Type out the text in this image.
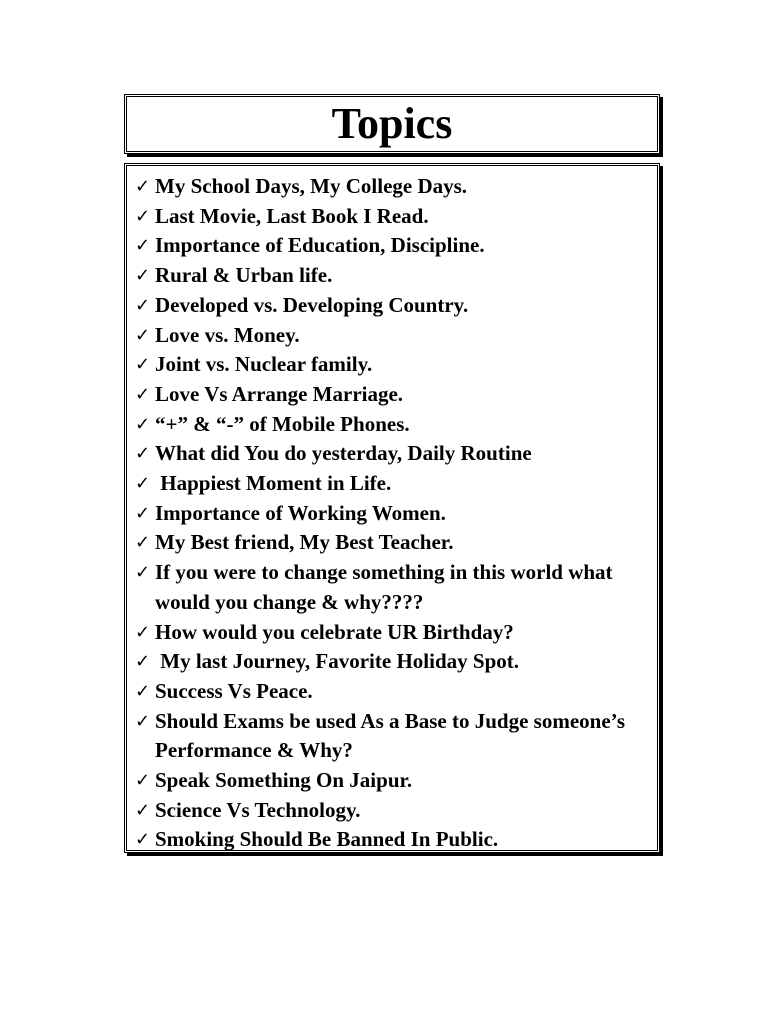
Topics
✓ My School Days, My College Days.
✓ Last Movie, Last Book I Read.
✓ Importance of Education, Discipline.
✓ Rural & Urban life.
✓ Developed vs. Developing Country.
✓ Love vs. Money.
✓ Joint vs. Nuclear family.
✓ Love Vs Arrange Marriage.
✓ “+” & “-” of Mobile Phones.
✓ What did You do yesterday, Daily Routine
✓ Happiest Moment in Life.
✓ Importance of Working Women.
✓ My Best friend, My Best Teacher.
✓ If you were to change something in this world what would you change & why????
✓ How would you celebrate UR Birthday?
✓ My last Journey, Favorite Holiday Spot.
✓ Success Vs Peace.
✓ Should Exams be used As a Base to Judge someone’s Performance & Why?
✓ Speak Something On Jaipur.
✓ Science Vs Technology.
✓ Smoking Should Be Banned In Public.
